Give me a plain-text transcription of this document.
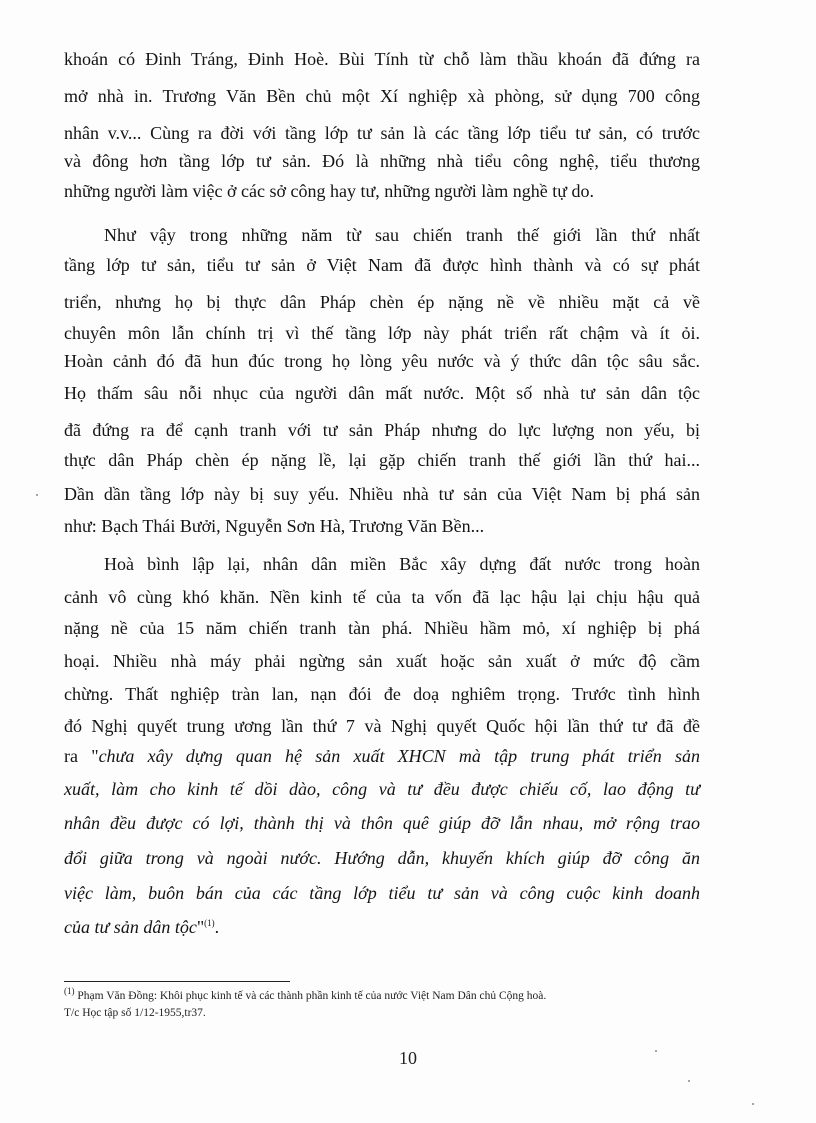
khoán có Đinh Tráng, Đinh Hoè. Bùi Tính từ chỗ làm thầu khoán đã đứng ra
mở nhà in. Trương Văn Bền chủ một Xí nghiệp xà phòng, sử dụng 700 công
nhân v.v... Cùng ra đời với tầng lớp tư sản là các tầng lớp tiểu tư sản, có trước
và đông hơn tầng lớp tư sản. Đó là những nhà tiểu công nghệ, tiểu thương
những người làm việc ở các sở công hay tư, những người làm nghề tự do.
Như vậy trong những năm từ sau chiến tranh thế giới lần thứ nhất
tầng lớp tư sản, tiểu tư sản ở Việt Nam đã được hình thành và có sự phát
triển, nhưng họ bị thực dân Pháp chèn ép nặng nề về nhiều mặt cả về
chuyên môn lẫn chính trị vì thế tầng lớp này phát triển rất chậm và ít ỏi.
Hoàn cảnh đó đã hun đúc trong họ lòng yêu nước và ý thức dân tộc sâu sắc.
Họ thấm sâu nỗi nhục của người dân mất nước. Một số nhà tư sản dân tộc
đã đứng ra để cạnh tranh với tư sản Pháp nhưng do lực lượng non yếu, bị
thực dân Pháp chèn ép nặng lề, lại gặp chiến tranh thế giới lần thứ hai...
Dần dần tầng lớp này bị suy yếu. Nhiều nhà tư sản của Việt Nam bị phá sản
như: Bạch Thái Bưởi, Nguyễn Sơn Hà, Trương Văn Bền...
Hoà bình lập lại, nhân dân miền Bắc xây dựng đất nước trong hoàn
cảnh vô cùng khó khăn. Nền kinh tế của ta vốn đã lạc hậu lại chịu hậu quả
nặng nề của 15 năm chiến tranh tàn phá. Nhiều hầm mỏ, xí nghiệp bị phá
hoại. Nhiều nhà máy phải ngừng sản xuất hoặc sản xuất ở mức độ cầm
chừng. Thất nghiệp tràn lan, nạn đói đe doạ nghiêm trọng. Trước tình hình
đó Nghị quyết trung ương lần thứ 7 và Nghị quyết Quốc hội lần thứ tư đã đề
ra "chưa xây dựng quan hệ sản xuất XHCN mà tập trung phát triển sản
xuất, làm cho kinh tế dồi dào, công và tư đều được chiếu cố, lao động tư
nhân đều được có lợi, thành thị và thôn quê giúp đỡ lẫn nhau, mở rộng trao
đổi giữa trong và ngoài nước. Hướng dẫn, khuyến khích giúp đỡ công ăn
việc làm, buôn bán của các tầng lớp tiểu tư sản và công cuộc kinh doanh
của tư sản dân tộc"$^{(1)}$.
$^{(1)}$ Phạm Văn Đồng: Khôi phục kinh tế và các thành phần kinh tế của nước Việt Nam Dân chủ Cộng hoà.
T/c Học tập số 1/12-1955,tr37.
10
